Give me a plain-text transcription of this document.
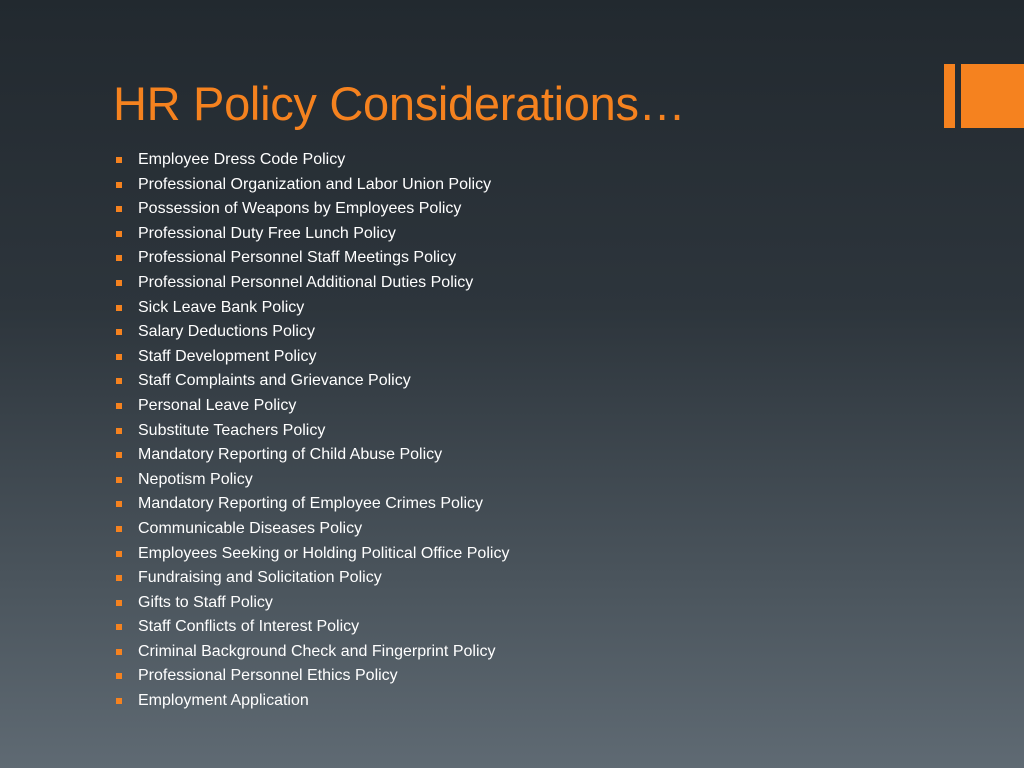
HR Policy Considerations…
Employee Dress Code Policy
Professional Organization and Labor Union Policy
Possession of Weapons by Employees Policy
Professional Duty Free Lunch Policy
Professional Personnel Staff Meetings Policy
Professional Personnel Additional Duties Policy
Sick Leave Bank Policy
Salary Deductions Policy
Staff Development Policy
Staff Complaints and Grievance Policy
Personal Leave Policy
Substitute Teachers Policy
Mandatory Reporting of Child Abuse Policy
Nepotism Policy
Mandatory Reporting of Employee Crimes Policy
Communicable Diseases Policy
Employees Seeking or Holding Political Office Policy
Fundraising and Solicitation Policy
Gifts to Staff Policy
Staff Conflicts of Interest Policy
Criminal Background Check and Fingerprint Policy
Professional Personnel Ethics Policy
Employment Application
